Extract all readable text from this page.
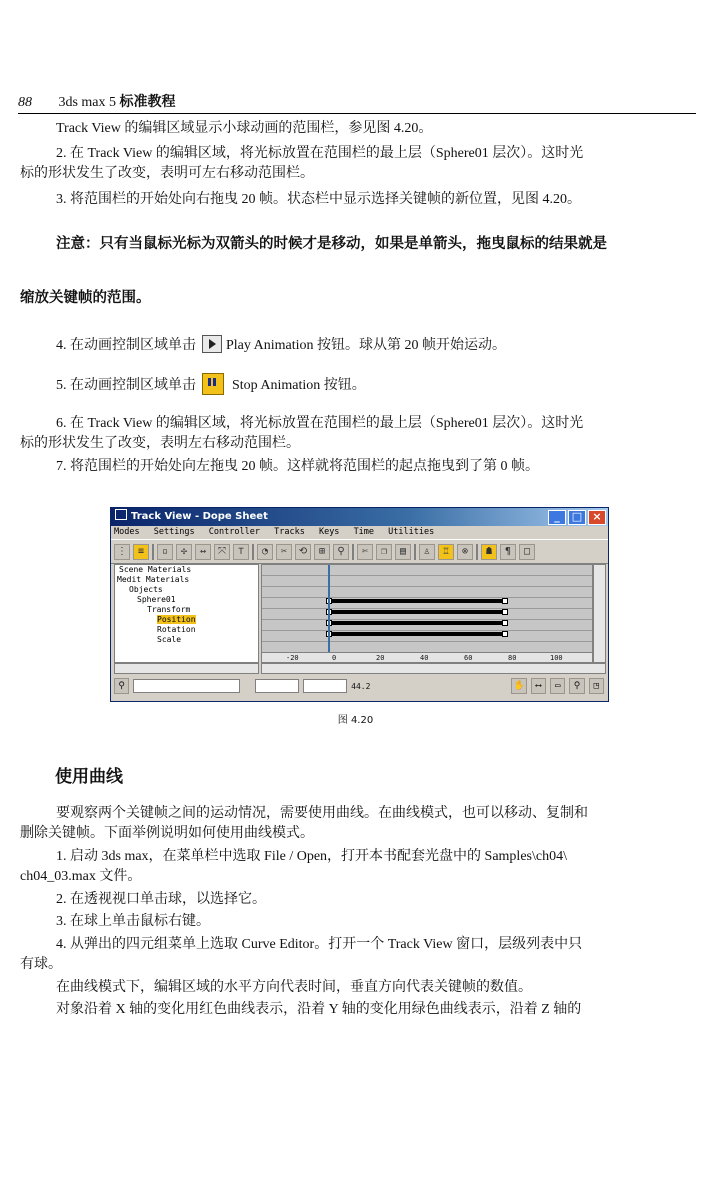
88 3ds max 5 标准教程
Track View 的编辑区域显示小球动画的范围栏，参见图 4.20。
2. 在 Track View 的编辑区域，将光标放置在范围栏的最上层（Sphere01 层次）。这时光
标的形状发生了改变，表明可左右移动范围栏。
3. 将范围栏的开始处向右拖曳 20 帧。状态栏中显示选择关键帧的新位置，见图 4.20。
注意：只有当鼠标光标为双箭头的时候才是移动，如果是单箭头，拖曳鼠标的结果就是
缩放关键帧的范围。
4. 在动画控制区域单击 Play Animation 按钮。球从第 20 帧开始运动。
5. 在动画控制区域单击	Stop Animation 按钮。
6. 在 Track View 的编辑区域，将光标放置在范围栏的最上层（Sphere01 层次）。这时光
标的形状发生了改变，表明左右移动范围栏。
7. 将范围栏的开始处向左拖曳 20 帧。这样就将范围栏的起点拖曳到了第 0 帧。
Track View - Dope Sheet	_ □ ×
Modes Settings Controller Tracks Keys Time Utilities
⋮	≡	▫	✣	↔	⤧	⊤	◔	✂	⟲	⊞	⚲	✄	❐	▤	♙	♖	⊗	☗	¶	□
Scene Materials
Medit Materials
Objects
Sphere01
Transform
Position
Rotation
Scale
-20	0	20	40	60	80	100
⚲	44.2	✋	⟷	▭	⚲	◳
图 4.20
使用曲线
要观察两个关键帧之间的运动情况，需要使用曲线。在曲线模式，也可以移动、复制和
删除关键帧。下面举例说明如何使用曲线模式。
1. 启动 3ds max，在菜单栏中选取 File / Open，打开本书配套光盘中的 Samples\ch04\
ch04_03.max 文件。
2. 在透视视口单击球，以选择它。
3. 在球上单击鼠标右键。
4. 从弹出的四元组菜单上选取 Curve Editor。打开一个 Track View 窗口，层级列表中只
有球。
在曲线模式下，编辑区域的水平方向代表时间，垂直方向代表关键帧的数值。
对象沿着 X 轴的变化用红色曲线表示，沿着 Y 轴的变化用绿色曲线表示，沿着 Z 轴的
